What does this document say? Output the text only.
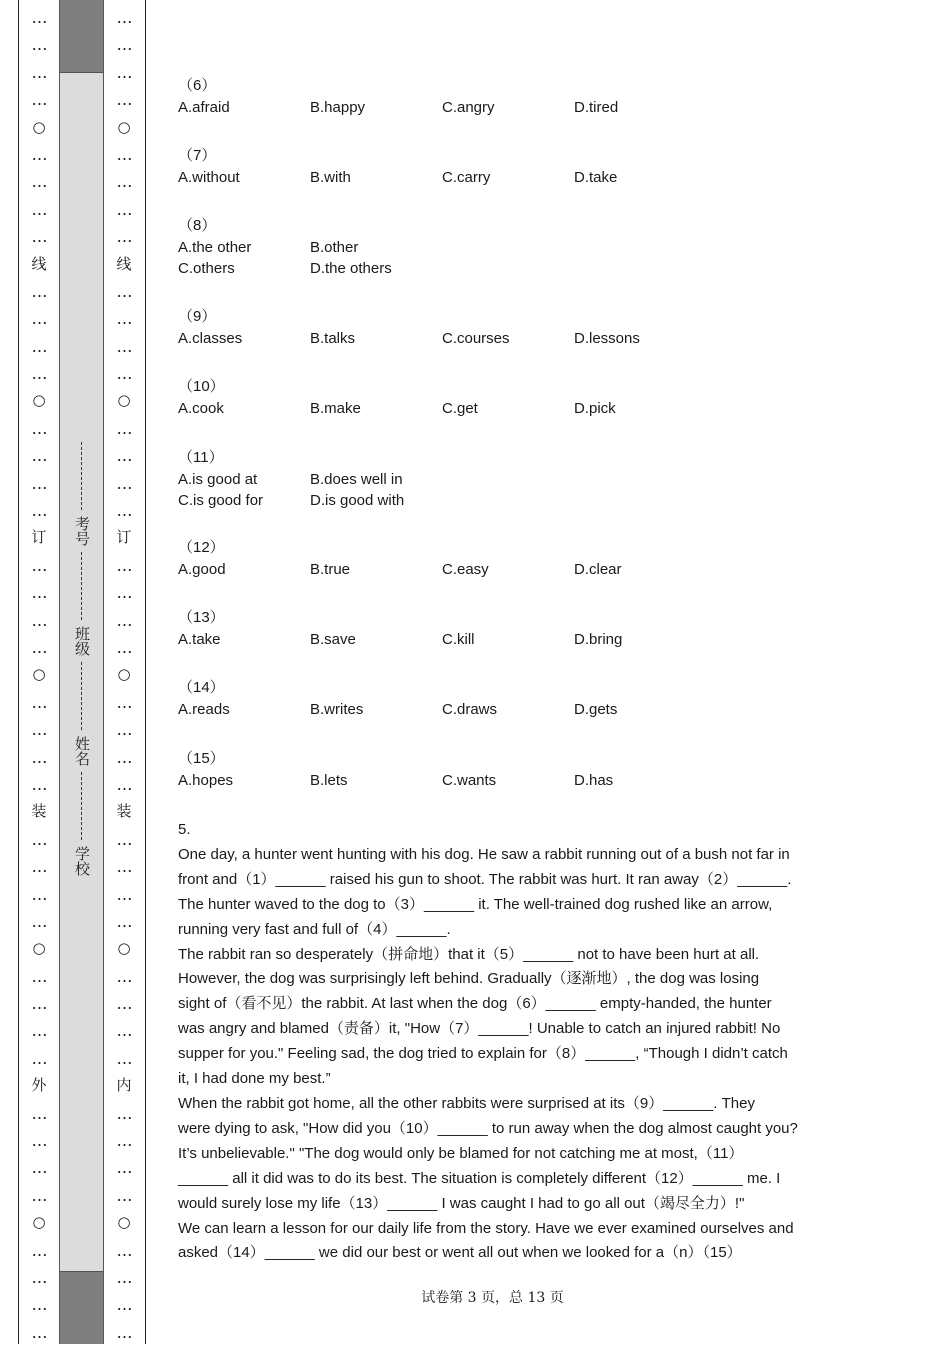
…
…
…
…
○
…
…
…
…
线
…
…
…
…
○
…
…
…
…
订
…
…
…
…
○
…
…
…
…
装
…
…
…
…
○
…
…
…
…
外
…
…
…
…
○
…
…
…
…
考号
班级
姓名
学校
…
…
…
…
○
…
…
…
…
线
…
…
…
…
○
…
…
…
…
订
…
…
…
…
○
…
…
…
…
装
…
…
…
…
○
…
…
…
…
内
…
…
…
…
○
…
…
…
…
（6）
A.afraid	B.happy	C.angry	D.tired
（7）
A.without	B.with	C.carry	D.take
（8）
A.the other	B.other
C.others	D.the others
（9）
A.classes	B.talks	C.courses	D.lessons
（10）
A.cook	B.make	C.get	D.pick
（11）
A.is good at	B.does well in
C.is good for	D.is good with
（12）
A.good	B.true	C.easy	D.clear
（13）
A.take	B.save	C.kill	D.bring
（14）
A.reads	B.writes	C.draws	D.gets
（15）
A.hopes	B.lets	C.wants	D.has
5.
One day, a hunter went hunting with his dog. He saw a rabbit running out of a bush not far in
front and（1）______ raised his gun to shoot. The rabbit was hurt. It ran away（2）______.
The hunter waved to the dog to（3）______ it. The well-trained dog rushed like an arrow,
running very fast and full of（4）______.
The rabbit ran so desperately（拼命地）that it（5）______ not to have been hurt at all.
However, the dog was surprisingly left behind. Gradually（逐渐地）, the dog was losing
sight of（看不见）the rabbit. At last when the dog（6）______ empty-handed, the hunter
was angry and blamed（责备）it, "How（7）______! Unable to catch an injured rabbit! No
supper for you." Feeling sad, the dog tried to explain for（8）______, “Though I didn’t catch
it, I had done my best.”
When the rabbit got home, all the other rabbits were surprised at its（9）______. They
were dying to ask, "How did you（10）______ to run away when the dog almost caught you?
It’s unbelievable." "The dog would only be blamed for not catching me at most,（11）
______ all it did was to do its best. The situation is completely different（12）______ me. I
would surely lose my life（13）______ I was caught I had to go all out（竭尽全力）!"
We can learn a lesson for our daily life from the story. Have we ever examined ourselves and
asked（14）______ we did our best or went all out when we looked for a（n）（15）
试卷第 3 页，总 13 页
